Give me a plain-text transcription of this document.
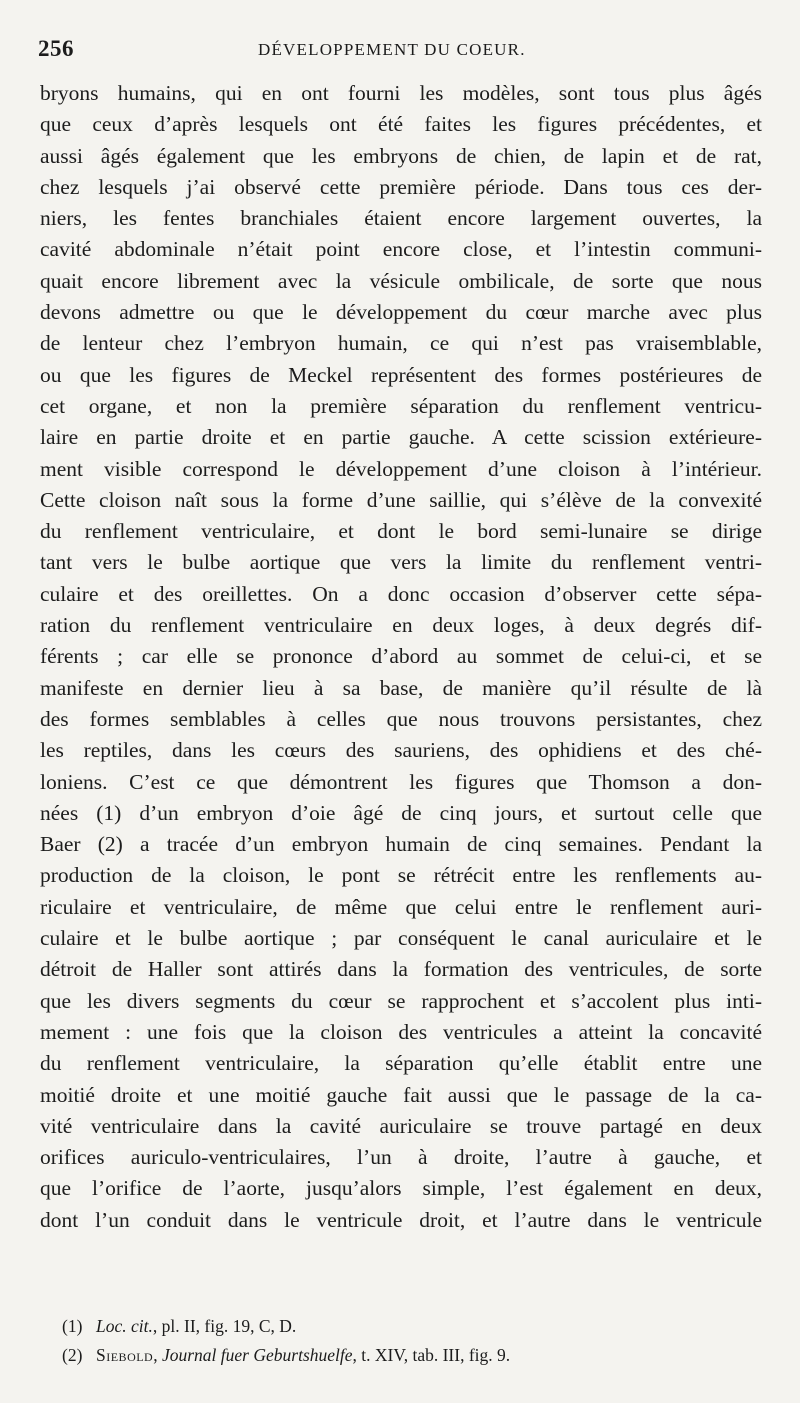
256	DÉVELOPPEMENT DU COEUR.
bryons humains, qui en ont fourni les modèles, sont tous plus âgés
que ceux d’après lesquels ont été faites les figures précédentes, et
aussi âgés également que les embryons de chien, de lapin et de rat,
chez lesquels j’ai observé cette première période. Dans tous ces der-
niers, les fentes branchiales étaient encore largement ouvertes, la
cavité abdominale n’était point encore close, et l’intestin communi-
quait encore librement avec la vésicule ombilicale, de sorte que nous
devons admettre ou que le développement du cœur marche avec plus
de lenteur chez l’embryon humain, ce qui n’est pas vraisemblable,
ou que les figures de Meckel représentent des formes postérieures de
cet organe, et non la première séparation du renflement ventricu-
laire en partie droite et en partie gauche. A cette scission extérieure-
ment visible correspond le développement d’une cloison à l’intérieur.
Cette cloison naît sous la forme d’une saillie, qui s’élève de la convexité
du renflement ventriculaire, et dont le bord semi-lunaire se dirige
tant vers le bulbe aortique que vers la limite du renflement ventri-
culaire et des oreillettes. On a donc occasion d’observer cette sépa-
ration du renflement ventriculaire en deux loges, à deux degrés dif-
férents ; car elle se prononce d’abord au sommet de celui-ci, et se
manifeste en dernier lieu à sa base, de manière qu’il résulte de là
des formes semblables à celles que nous trouvons persistantes, chez
les reptiles, dans les cœurs des sauriens, des ophidiens et des ché-
loniens. C’est ce que démontrent les figures que Thomson a don-
nées (1) d’un embryon d’oie âgé de cinq jours, et surtout celle que
Baer (2) a tracée d’un embryon humain de cinq semaines. Pendant la
production de la cloison, le pont se rétrécit entre les renflements au-
riculaire et ventriculaire, de même que celui entre le renflement auri-
culaire et le bulbe aortique ; par conséquent le canal auriculaire et le
détroit de Haller sont attirés dans la formation des ventricules, de sorte
que les divers segments du cœur se rapprochent et s’accolent plus inti-
mement : une fois que la cloison des ventricules a atteint la concavité
du renflement ventriculaire, la séparation qu’elle établit entre une
moitié droite et une moitié gauche fait aussi que le passage de la ca-
vité ventriculaire dans la cavité auriculaire se trouve partagé en deux
orifices auriculo-ventriculaires, l’un à droite, l’autre à gauche, et
que l’orifice de l’aorte, jusqu’alors simple, l’est également en deux,
dont l’un conduit dans le ventricule droit, et l’autre dans le ventricule
(1) Loc. cit., pl. II, fig. 19, C, D.
(2) Siebold, Journal fuer Geburtshuelfe, t. XIV, tab. III, fig. 9.
